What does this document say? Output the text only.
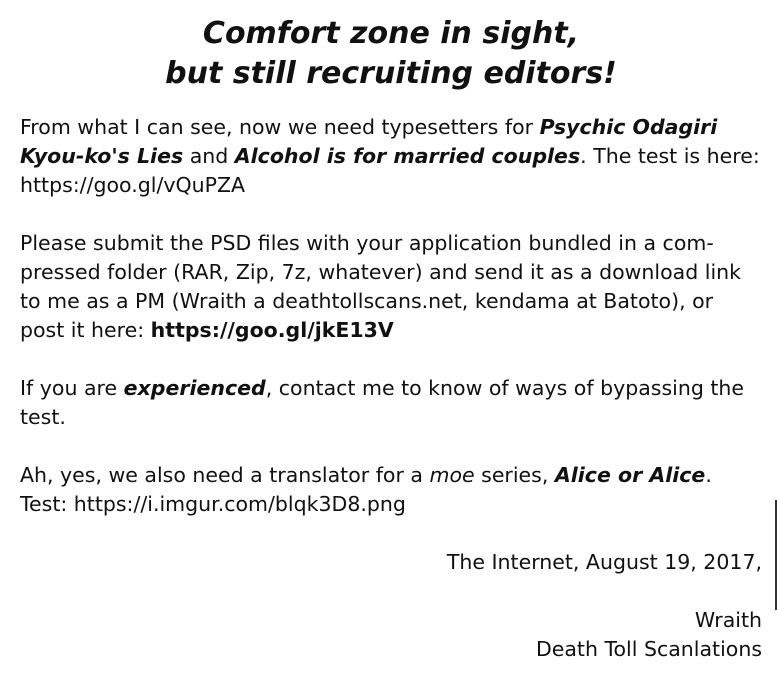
Comfort zone in sight,
but still recruiting editors!

From what I can see, now we need typesetters for Psychic Odagiri Kyou-ko's Lies and Alcohol is for married couples. The test is here: https://goo.gl/vQuPZA

Please submit the PSD files with your application bundled in a com-pressed folder (RAR, Zip, 7z, whatever) and send it as a download link to me as a PM (Wraith a deathtollscans.net, kendama at Batoto), or post it here: https://goo.gl/jkE13V

If you are experienced, contact me to know of ways of bypassing the test.

Ah, yes, we also need a translator for a moe series, Alice or Alice. Test: https://i.imgur.com/blqk3D8.png

The Internet, August 19, 2017,
Wraith
Death Toll Scanlations
